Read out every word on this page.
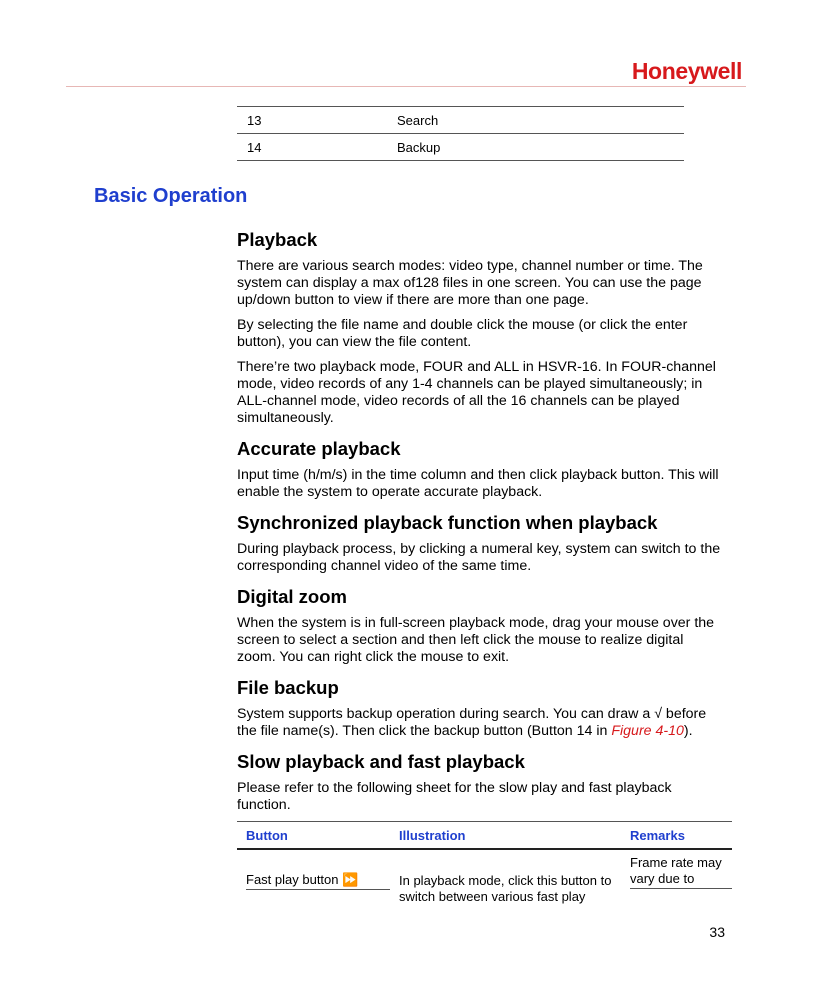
Honeywell
13	Search
14	Backup
Basic Operation
Playback

There are various search modes: video type, channel number or time. The system can display a max of128 files in one screen. You can use the page up/down button to view if there are more than one page.

By selecting the file name and double click the mouse (or click the enter button), you can view the file content.

There’re two playback mode, FOUR and ALL in HSVR-16. In FOUR-channel mode, video records of any 1-4 channels can be played simultaneously; in ALL-channel mode, video records of all the 16 channels can be played simultaneously.

Accurate playback

Input time (h/m/s) in the time column and then click playback button. This will enable the system to operate accurate playback.

Synchronized playback function when playback

During playback process, by clicking a numeral key, system can switch to the corresponding channel video of the same time.

Digital zoom

When the system is in full-screen playback mode, drag your mouse over the screen to select a section and then left click the mouse to realize digital zoom. You can right click the mouse to exit.

File backup

System supports backup operation during search. You can draw a √ before the file name(s). Then click the backup button (Button 14 in Figure 4-10).

Slow playback and fast playback

Please refer to the following sheet for the slow play and fast playback function.

Button	Illustration	Remarks

Fast play button ⏩	In playback mode, click this button to switch between various fast play	Frame rate may vary due to
33
